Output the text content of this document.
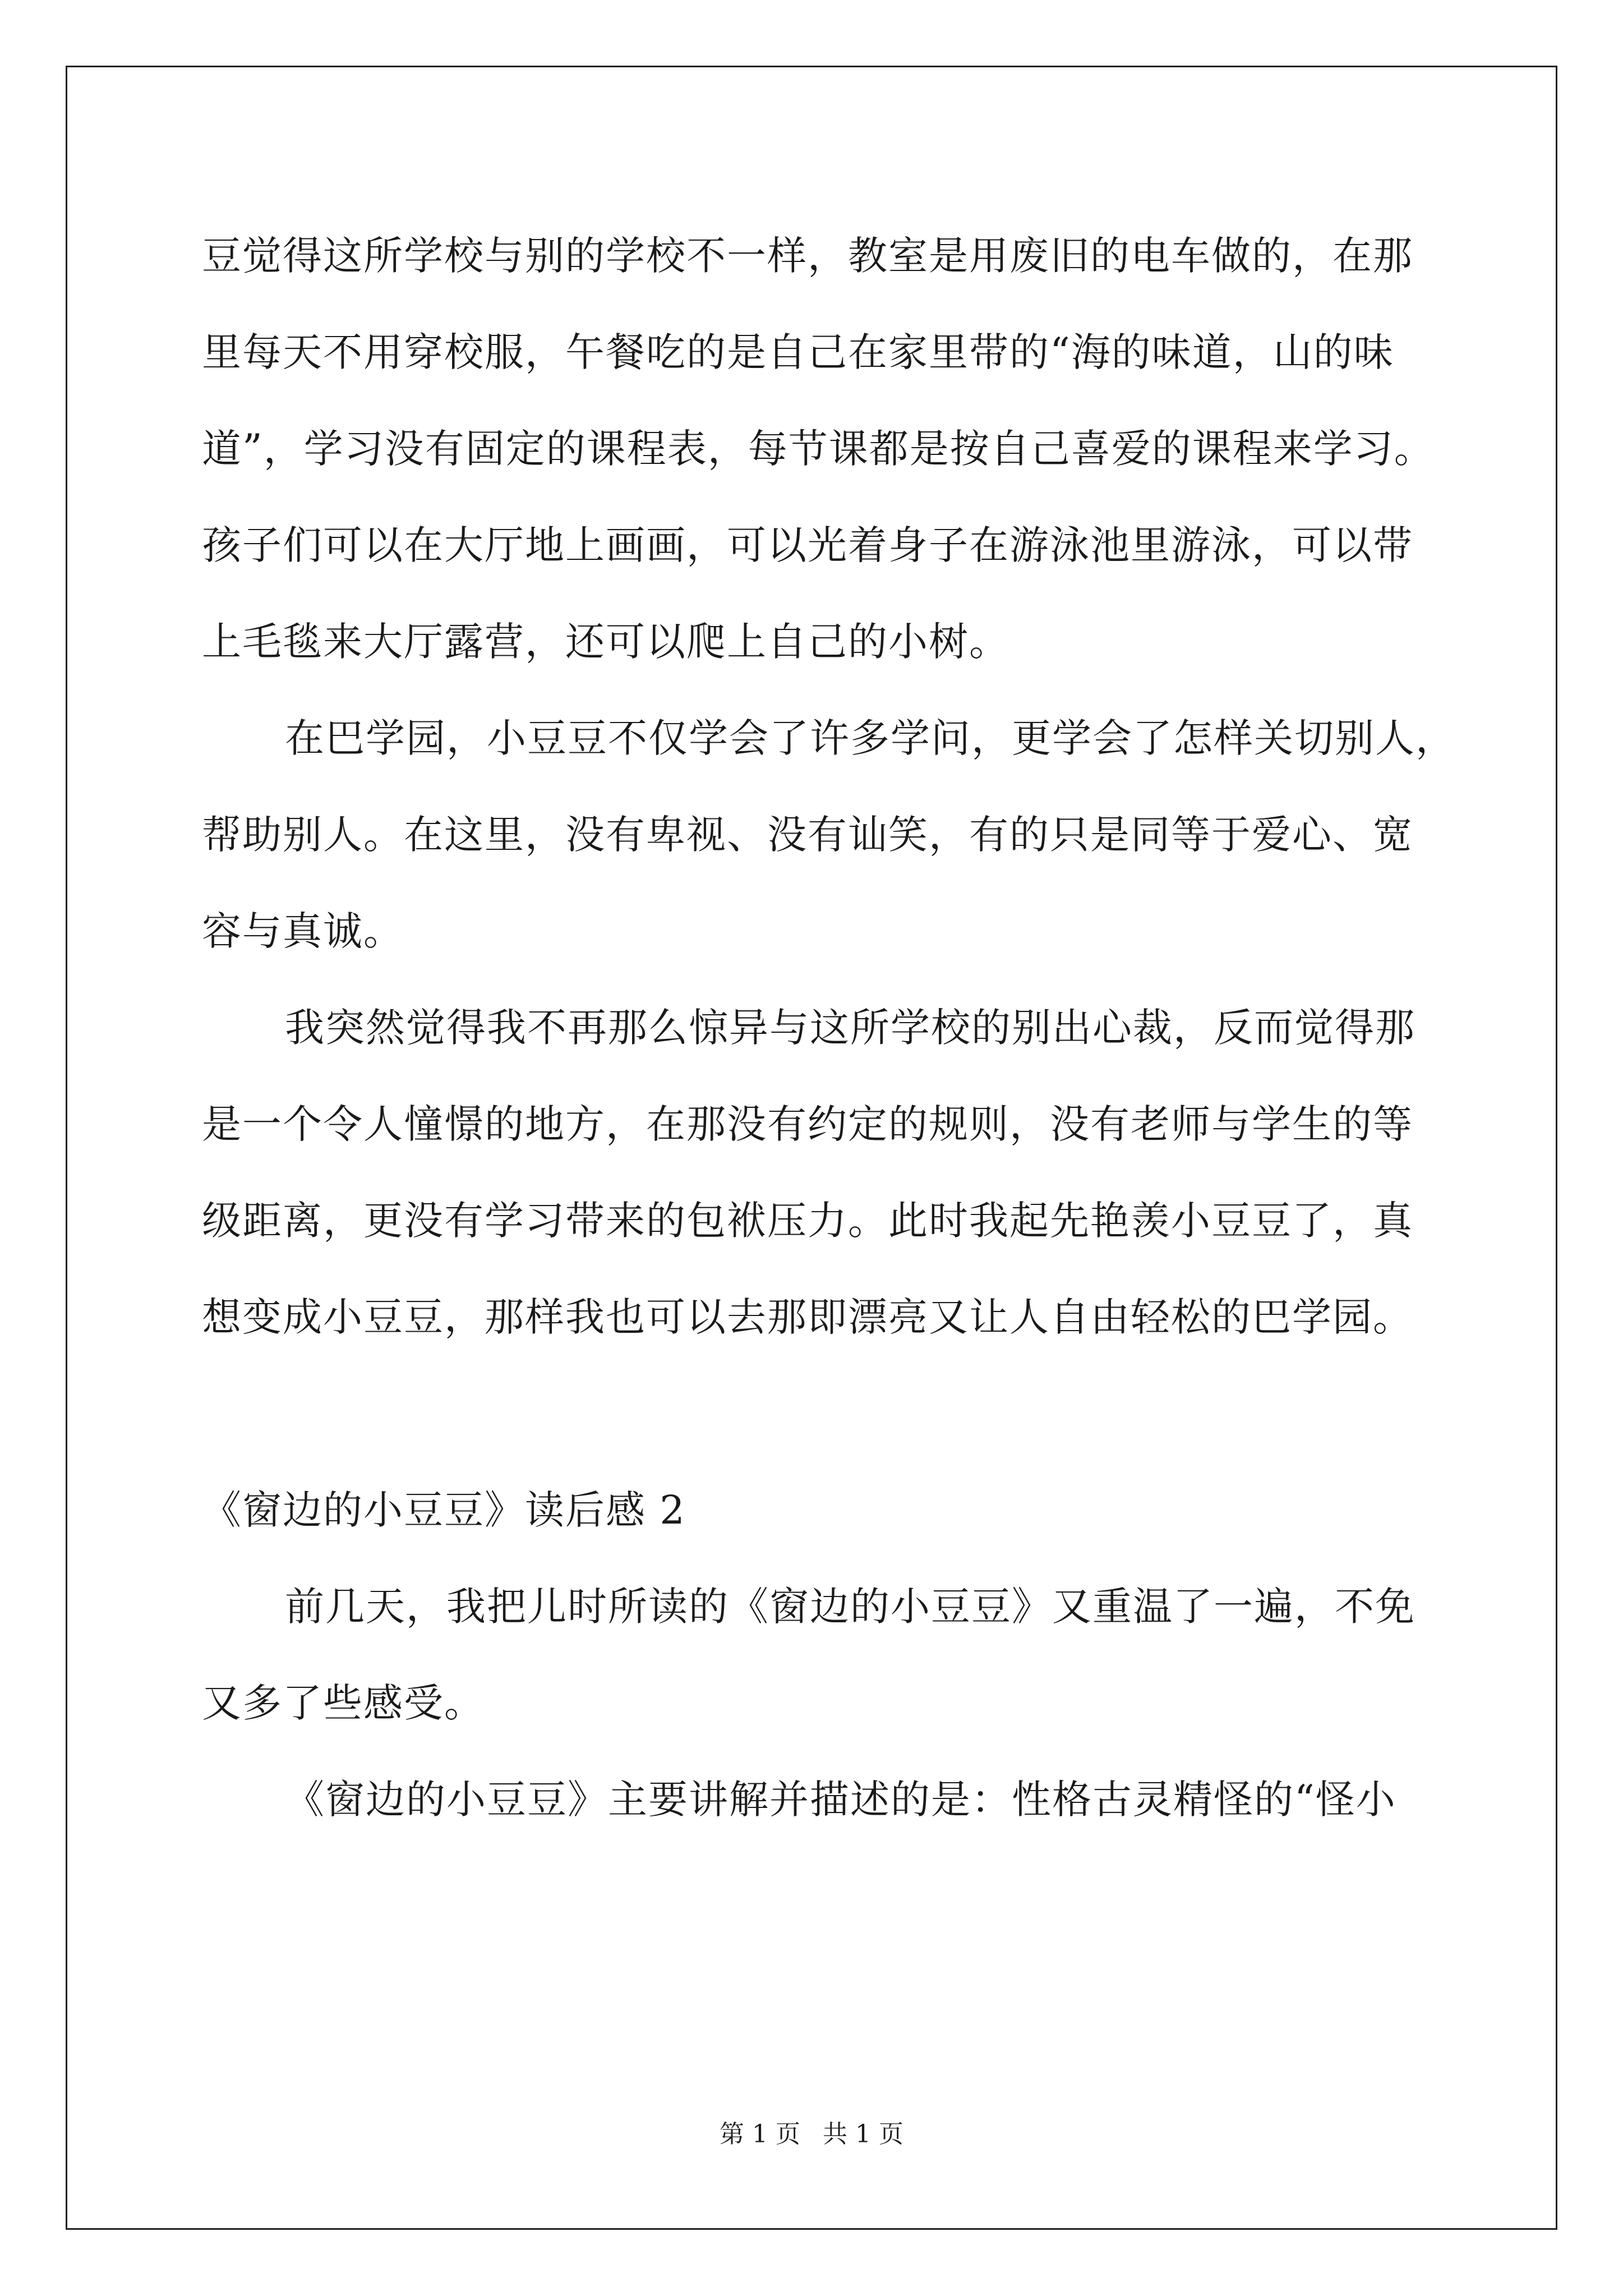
豆觉得这所学校与别的学校不一样，教室是用废旧的电车做的，在那
里每天不用穿校服，午餐吃的是自己在家里带的“海的味道，山的味
道”，学习没有固定的课程表，每节课都是按自己喜爱的课程来学习。
孩子们可以在大厅地上画画，可以光着身子在游泳池里游泳，可以带
上毛毯来大厅露营，还可以爬上自己的小树。
在巴学园，小豆豆不仅学会了许多学问，更学会了怎样关切别人，
帮助别人。在这里，没有卑视、没有讪笑，有的只是同等于爱心、宽
容与真诚。
我突然觉得我不再那么惊异与这所学校的别出心裁，反而觉得那
是一个令人憧憬的地方，在那没有约定的规则，没有老师与学生的等
级距离，更没有学习带来的包袱压力。此时我起先艳羡小豆豆了，真
想变成小豆豆，那样我也可以去那即漂亮又让人自由轻松的巴学园。
《窗边的小豆豆》读后感 2
前几天，我把儿时所读的《窗边的小豆豆》又重温了一遍，不免
又多了些感受。
《窗边的小豆豆》主要讲解并描述的是：性格古灵精怪的“怪小
第 1 页 共 1 页
